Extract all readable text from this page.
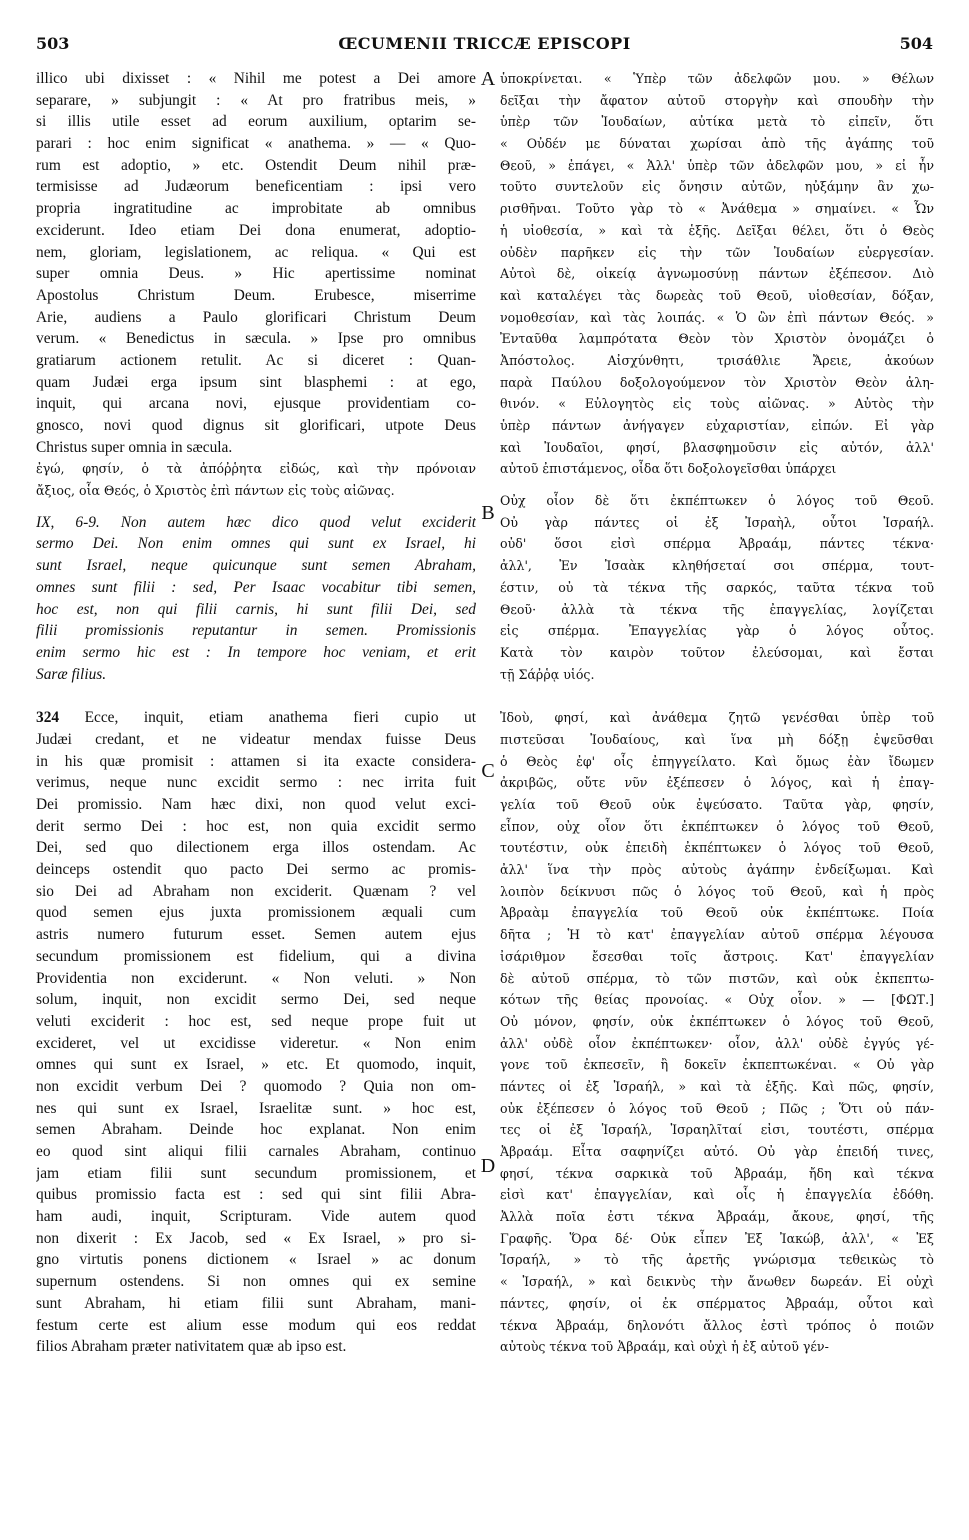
503	ŒCUMENII TRICCÆ EPISCOPI	504
A
B
C
D
illico ubi dixisset : « Nihil me potest a Dei amore
separare, » subjungit : « At pro fratribus meis, »
si illis utile esset ad eorum auxilium, optarim se-
parari : hoc enim significat « anathema. » — « Quo-
rum est adoptio, » etc. Ostendit Deum nihil præ-
termisisse ad Judæorum beneficentiam : ipsi vero
propria ingratitudine ac improbitate ab omnibus
exciderunt. Ideo etiam Dei dona enumerat, adoptio-
nem, gloriam, legislationem, ac reliqua. « Qui est
super omnia Deus. » Hic apertissime nominat
Apostolus Christum Deum. Erubesce, miserrime
Arie, audiens a Paulo glorificari Christum Deum
verum. « Benedictus in sæcula. » Ipse pro omnibus
gratiarum actionem retulit. Ac si diceret : Quan-
quam Judæi erga ipsum sint blasphemi : at ego,
inquit, qui arcana novi, ejusque providentiam co-
gnosco, novi quod dignus sit glorificari, utpote Deus
Christus super omnia in sæcula.
ἐγώ, φησίν, ὁ τὰ ἀπόῤῥητα εἰδώς, καὶ τὴν πρόνοιαν
ἄξιος, οἷα Θεός, ὁ Χριστὸς ἐπὶ πάντων εἰς τοὺς αἰῶνας.
IX, 6-9. Non autem hæc dico quod velut exciderit
sermo Dei. Non enim omnes qui sunt ex Israel, hi
sunt Israel, neque quicunque sunt semen Abraham,
omnes sunt filii : sed, Per Isaac vocabitur tibi semen,
hoc est, non qui filii carnis, hi sunt filii Dei, sed
filii promissionis reputantur in semen. Promissionis
enim sermo hic est : In tempore hoc veniam, et erit
Saræ filius.
324 Ecce, inquit, etiam anathema fieri cupio ut
Judæi credant, et ne videatur mendax fuisse Deus
in his quæ promisit : attamen si ita exacte considera-
verimus, neque nunc excidit sermo : nec irrita fuit
Dei promissio. Nam hæc dixi, non quod velut exci-
derit sermo Dei : hoc est, non quia excidit sermo
Dei, sed quo dilectionem erga illos ostendam. Ac
deinceps ostendit quo pacto Dei sermo ac promis-
sio Dei ad Abraham non exciderit. Quænam ? vel
quod semen ejus juxta promissionem æquali cum
astris numero futurum esset. Semen autem ejus
secundum promissionem est fidelium, qui a divina
Providentia non exciderunt. « Non veluti. » Non
solum, inquit, non excidit sermo Dei, sed neque
veluti exciderit : hoc est, sed neque prope fuit ut
excideret, vel ut excidisse videretur. « Non enim
omnes qui sunt ex Israel, » etc. Et quomodo, inquit,
non excidit verbum Dei ? quomodo ? Quia non om-
nes qui sunt ex Israel, Israelitæ sunt. » hoc est,
semen Abraham. Deinde hoc explanat. Non enim
eo quod sint aliqui filii carnales Abraham, continuo
jam etiam filii sunt secundum promissionem, et
quibus promissio facta est : sed qui sint filii Abra-
ham audi, inquit, Scripturam. Vide autem quod
non dixerit : Ex Jacob, sed « Ex Israel, » pro si-
gno virtutis ponens dictionem « Israel » ac donum
supernum ostendens. Si non omnes qui ex semine
sunt Abraham, hi etiam filii sunt Abraham, mani-
festum certe est alium esse modum qui eos reddat
filios Abraham præter nativitatem quæ ab ipso est.
ὑποκρίνεται. « Ὑπὲρ τῶν ἀδελφῶν μου. » Θέλων
δεῖξαι τὴν ἄφατον αὐτοῦ στοργὴν καὶ σπουδὴν τὴν
ὑπὲρ τῶν Ἰουδαίων, αὐτίκα μετὰ τὸ εἰπεῖν, ὅτι
« Οὐδέν με δύναται χωρίσαι ἀπὸ τῆς ἀγάπης τοῦ
Θεοῦ, » ἐπάγει, « Ἀλλ' ὑπὲρ τῶν ἀδελφῶν μου, » εἰ ἦν
τοῦτο συντελοῦν εἰς ὄνησιν αὐτῶν, ηὐξάμην ἂν χω-
ρισθῆναι. Τοῦτο γὰρ τὸ « Ἀνάθεμα » σημαίνει. « Ὧν
ἡ υἱοθεσία, » καὶ τὰ ἑξῆς. Δεῖξαι θέλει, ὅτι ὁ Θεὸς
οὐδὲν παρῆκεν εἰς τὴν τῶν Ἰουδαίων εὐεργεσίαν.
Αὐτοὶ δὲ, οἰκείᾳ ἀγνωμοσύνῃ πάντων ἐξέπεσον. Διὸ
καὶ καταλέγει τὰς δωρεὰς τοῦ Θεοῦ, υἱοθεσίαν, δόξαν,
νομοθεσίαν, καὶ τὰς λοιπάς. « Ὁ ὢν ἐπὶ πάντων Θεός. »
Ἐνταῦθα λαμπρότατα Θεὸν τὸν Χριστὸν ὀνομάζει ὁ
Ἀπόστολος. Αἰσχύνθητι, τρισάθλιε Ἄρειε, ἀκούων
παρὰ Παύλου δοξολογούμενον τὸν Χριστὸν Θεὸν ἀλη-
θινόν. « Εὐλογητὸς εἰς τοὺς αἰῶνας. » Αὐτὸς τὴν
ὑπὲρ πάντων ἀνήγαγεν εὐχαριστίαν, εἰπών. Εἰ γὰρ
καὶ Ἰουδαῖοι, φησί, βλασφημοῦσιν εἰς αὐτόν, ἀλλ'
αὐτοῦ ἐπιστάμενος, οἶδα ὅτι δοξολογεῖσθαι ὑπάρχει
Οὐχ οἷον δὲ ὅτι ἐκπέπτωκεν ὁ λόγος τοῦ Θεοῦ.
Οὐ γὰρ πάντες οἱ ἐξ Ἰσραὴλ, οὗτοι Ἰσραήλ.
οὐδ' ὅσοι εἰσὶ σπέρμα Ἀβραάμ, πάντες τέκνα·
ἀλλ', Ἐν Ἰσαὰκ κληθήσεταί σοι σπέρμα, τουτ-
έστιν, οὐ τὰ τέκνα τῆς σαρκός, ταῦτα τέκνα τοῦ
Θεοῦ· ἀλλὰ τὰ τέκνα τῆς ἐπαγγελίας, λογίζεται
εἰς σπέρμα. Ἐπαγγελίας γὰρ ὁ λόγος οὗτος.
Κατὰ τὸν καιρὸν τοῦτον ἐλεύσομαι, καὶ ἔσται
τῇ Σάῤῥᾳ υἱός.
Ἰδοὺ, φησί, καὶ ἀνάθεμα ζητῶ γενέσθαι ὑπὲρ τοῦ
πιστεῦσαι Ἰουδαίους, καὶ ἵνα μὴ δόξῃ ἐψεῦσθαι
ὁ Θεὸς ἐφ' οἷς ἐπηγγείλατο. Καὶ ὅμως ἐὰν ἴδωμεν
ἀκριβῶς, οὔτε νῦν ἐξέπεσεν ὁ λόγος, καὶ ἡ ἐπαγ-
γελία τοῦ Θεοῦ οὐκ ἐψεύσατο. Ταῦτα γὰρ, φησίν,
εἶπον, οὐχ οἷον ὅτι ἐκπέπτωκεν ὁ λόγος τοῦ Θεοῦ,
τουτέστιν, οὐκ ἐπειδὴ ἐκπέπτωκεν ὁ λόγος τοῦ Θεοῦ,
ἀλλ' ἵνα τὴν πρὸς αὐτοὺς ἀγάπην ἐνδείξωμαι. Καὶ
λοιπὸν δείκνυσι πῶς ὁ λόγος τοῦ Θεοῦ, καὶ ἡ πρὸς
Ἀβραὰμ ἐπαγγελία τοῦ Θεοῦ οὐκ ἐκπέπτωκε. Ποία
δῆτα ; Ἡ τὸ κατ' ἐπαγγελίαν αὐτοῦ σπέρμα λέγουσα
ἰσάριθμον ἔσεσθαι τοῖς ἄστροις. Κατ' ἐπαγγελίαν
δὲ αὐτοῦ σπέρμα, τὸ τῶν πιστῶν, καὶ οὐκ ἐκπεπτω-
κότων τῆς θείας προνοίας. « Οὐχ οἷον. » — [ΦΩΤ.]
Οὐ μόνον, φησίν, οὐκ ἐκπέπτωκεν ὁ λόγος τοῦ Θεοῦ,
ἀλλ' οὐδὲ οἷον ἐκπέπτωκεν· οἷον, ἀλλ' οὐδὲ ἐγγύς γέ-
γονε τοῦ ἐκπεσεῖν, ἢ δοκεῖν ἐκπεπτωκέναι. « Οὐ γὰρ
πάντες οἱ ἐξ Ἰσραήλ, » καὶ τὰ ἑξῆς. Καὶ πῶς, φησίν,
οὐκ ἐξέπεσεν ὁ λόγος τοῦ Θεοῦ ; Πῶς ; Ὅτι οὐ πάν-
τες οἱ ἐξ Ἰσραήλ, Ἰσραηλῖταί εἰσι, τουτέστι, σπέρμα
Ἀβραάμ. Εἶτα σαφηνίζει αὐτό. Οὐ γὰρ ἐπειδή τινες,
φησί, τέκνα σαρκικὰ τοῦ Ἀβραάμ, ἤδη καὶ τέκνα
εἰσὶ κατ' ἐπαγγελίαν, καὶ οἷς ἡ ἐπαγγελία ἐδόθη.
Ἀλλὰ ποῖα ἐστι τέκνα Ἀβραάμ, ἄκουε, φησί, τῆς
Γραφῆς. Ὅρα δέ· Οὐκ εἶπεν Ἐξ Ἰακώβ, ἀλλ', « Ἐξ
Ἰσραήλ, » τὸ τῆς ἀρετῆς γνώρισμα τεθεικὼς τὸ
« Ἰσραήλ, » καὶ δεικνὺς τὴν ἄνωθεν δωρεάν. Εἰ οὐχὶ
πάντες, φησίν, οἱ ἐκ σπέρματος Ἀβραάμ, οὗτοι καὶ
τέκνα Ἀβραάμ, δηλονότι ἄλλος ἐστὶ τρόπος ὁ ποιῶν
αὐτοὺς τέκνα τοῦ Ἀβραάμ, καὶ οὐχὶ ἡ ἐξ αὐτοῦ γέν-
